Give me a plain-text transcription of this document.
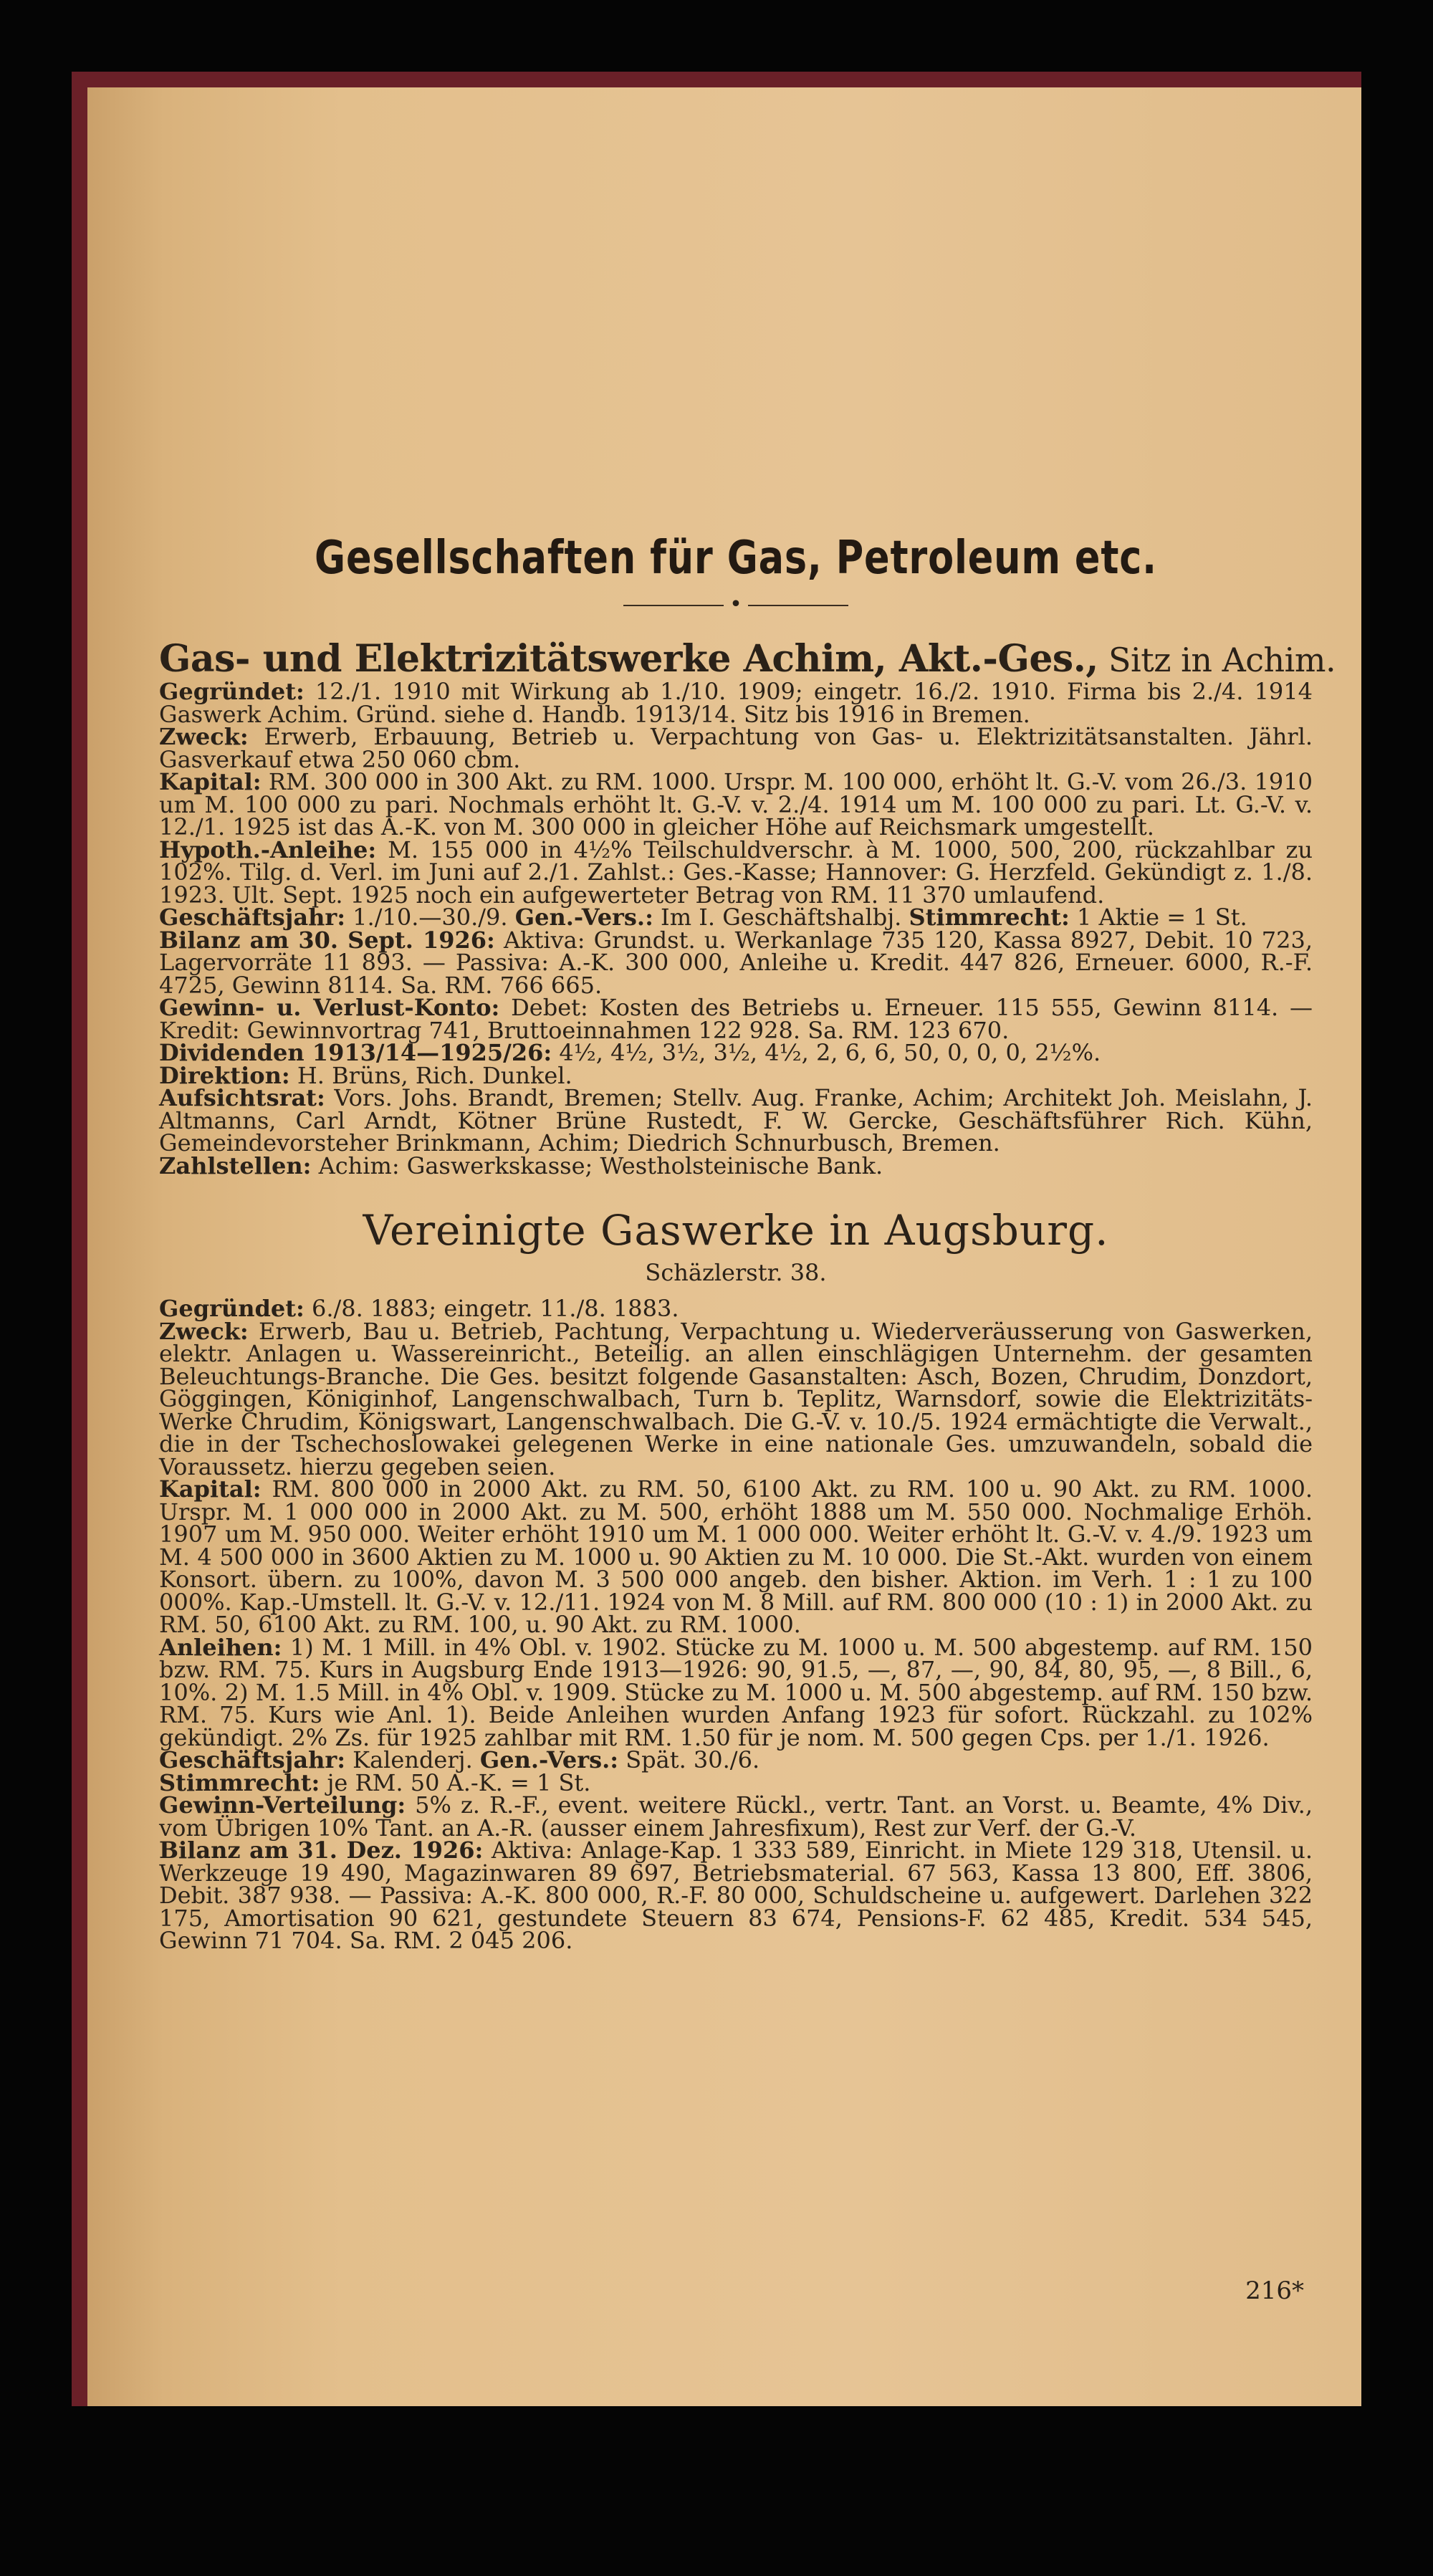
Gesellschaften für Gas, Petroleum etc.
•

Gas- und Elektrizitätswerke Achim, Akt.-Ges., Sitz in Achim.

Gegründet: 12./1. 1910 mit Wirkung ab 1./10. 1909; eingetr. 16./2. 1910. Firma bis 2./4. 1914 Gaswerk Achim. Gründ. siehe d. Handb. 1913/14. Sitz bis 1916 in Bremen.

Zweck: Erwerb, Erbauung, Betrieb u. Verpachtung von Gas- u. Elektrizitätsanstalten. Jährl. Gasverkauf etwa 250 060 cbm.

Kapital: RM. 300 000 in 300 Akt. zu RM. 1000. Urspr. M. 100 000, erhöht lt. G.-V. vom 26./3. 1910 um M. 100 000 zu pari. Nochmals erhöht lt. G.-V. v. 2./4. 1914 um M. 100 000 zu pari. Lt. G.-V. v. 12./1. 1925 ist das A.-K. von M. 300 000 in gleicher Höhe auf Reichsmark umgestellt.

Hypoth.-Anleihe: M. 155 000 in 4½% Teilschuldverschr. à M. 1000, 500, 200, rückzahlbar zu 102%. Tilg. d. Verl. im Juni auf 2./1. Zahlst.: Ges.-Kasse; Hannover: G. Herzfeld. Gekündigt z. 1./8. 1923. Ult. Sept. 1925 noch ein aufgewerteter Betrag von RM. 11 370 umlaufend.

Geschäftsjahr: 1./10.—30./9. Gen.-Vers.: Im I. Geschäftshalbj. Stimmrecht: 1 Aktie = 1 St.

Bilanz am 30. Sept. 1926: Aktiva: Grundst. u. Werkanlage 735 120, Kassa 8927, Debit. 10 723, Lagervorräte 11 893. — Passiva: A.-K. 300 000, Anleihe u. Kredit. 447 826, Erneuer. 6000, R.-F. 4725, Gewinn 8114. Sa. RM. 766 665.

Gewinn- u. Verlust-Konto: Debet: Kosten des Betriebs u. Erneuer. 115 555, Gewinn 8114. — Kredit: Gewinnvortrag 741, Bruttoeinnahmen 122 928. Sa. RM. 123 670.

Dividenden 1913/14—1925/26: 4½, 4½, 3½, 3½, 4½, 2, 6, 6, 50, 0, 0, 0, 2½%.

Direktion: H. Brüns, Rich. Dunkel.

Aufsichtsrat: Vors. Johs. Brandt, Bremen; Stellv. Aug. Franke, Achim; Architekt Joh. Meislahn, J. Altmanns, Carl Arndt, Kötner Brüne Rustedt, F. W. Gercke, Geschäftsführer Rich. Kühn, Gemeindevorsteher Brinkmann, Achim; Diedrich Schnurbusch, Bremen.

Zahlstellen: Achim: Gaswerkskasse; Westholsteinische Bank.

Vereinigte Gaswerke in Augsburg.

Schäzlerstr. 38.

Gegründet: 6./8. 1883; eingetr. 11./8. 1883.

Zweck: Erwerb, Bau u. Betrieb, Pachtung, Verpachtung u. Wiederveräusserung von Gaswerken, elektr. Anlagen u. Wassereinricht., Beteilig. an allen einschlägigen Unternehm. der gesamten Beleuchtungs-Branche. Die Ges. besitzt folgende Gasanstalten: Asch, Bozen, Chrudim, Donzdort, Göggingen, Königinhof, Langenschwalbach, Turn b. Teplitz, Warnsdorf, sowie die Elektrizitäts-Werke Chrudim, Königswart, Langenschwalbach. Die G.-V. v. 10./5. 1924 ermächtigte die Verwalt., die in der Tschechoslowakei gelegenen Werke in eine nationale Ges. umzuwandeln, sobald die Voraussetz. hierzu gegeben seien.

Kapital: RM. 800 000 in 2000 Akt. zu RM. 50, 6100 Akt. zu RM. 100 u. 90 Akt. zu RM. 1000. Urspr. M. 1 000 000 in 2000 Akt. zu M. 500, erhöht 1888 um M. 550 000. Nochmalige Erhöh. 1907 um M. 950 000. Weiter erhöht 1910 um M. 1 000 000. Weiter erhöht lt. G.-V. v. 4./9. 1923 um M. 4 500 000 in 3600 Aktien zu M. 1000 u. 90 Aktien zu M. 10 000. Die St.-Akt. wurden von einem Konsort. übern. zu 100%, davon M. 3 500 000 angeb. den bisher. Aktion. im Verh. 1 : 1 zu 100 000%. Kap.-Umstell. lt. G.-V. v. 12./11. 1924 von M. 8 Mill. auf RM. 800 000 (10 : 1) in 2000 Akt. zu RM. 50, 6100 Akt. zu RM. 100, u. 90 Akt. zu RM. 1000.

Anleihen: 1) M. 1 Mill. in 4% Obl. v. 1902. Stücke zu M. 1000 u. M. 500 abgestemp. auf RM. 150 bzw. RM. 75. Kurs in Augsburg Ende 1913—1926: 90, 91.5, —, 87, —, 90, 84, 80, 95, —, 8 Bill., 6, 10%. 2) M. 1.5 Mill. in 4% Obl. v. 1909. Stücke zu M. 1000 u. M. 500 abgestemp. auf RM. 150 bzw. RM. 75. Kurs wie Anl. 1). Beide Anleihen wurden Anfang 1923 für sofort. Rückzahl. zu 102% gekündigt. 2% Zs. für 1925 zahlbar mit RM. 1.50 für je nom. M. 500 gegen Cps. per 1./1. 1926.

Geschäftsjahr: Kalenderj. Gen.-Vers.: Spät. 30./6.

Stimmrecht: je RM. 50 A.-K. = 1 St.

Gewinn-Verteilung: 5% z. R.-F., event. weitere Rückl., vertr. Tant. an Vorst. u. Beamte, 4% Div., vom Übrigen 10% Tant. an A.-R. (ausser einem Jahresfixum), Rest zur Verf. der G.-V.

Bilanz am 31. Dez. 1926: Aktiva: Anlage-Kap. 1 333 589, Einricht. in Miete 129 318, Utensil. u. Werkzeuge 19 490, Magazinwaren 89 697, Betriebsmaterial. 67 563, Kassa 13 800, Eff. 3806, Debit. 387 938. — Passiva: A.-K. 800 000, R.-F. 80 000, Schuldscheine u. aufgewert. Darlehen 322 175, Amortisation 90 621, gestundete Steuern 83 674, Pensions-F. 62 485, Kredit. 534 545, Gewinn 71 704. Sa. RM. 2 045 206.

216*
